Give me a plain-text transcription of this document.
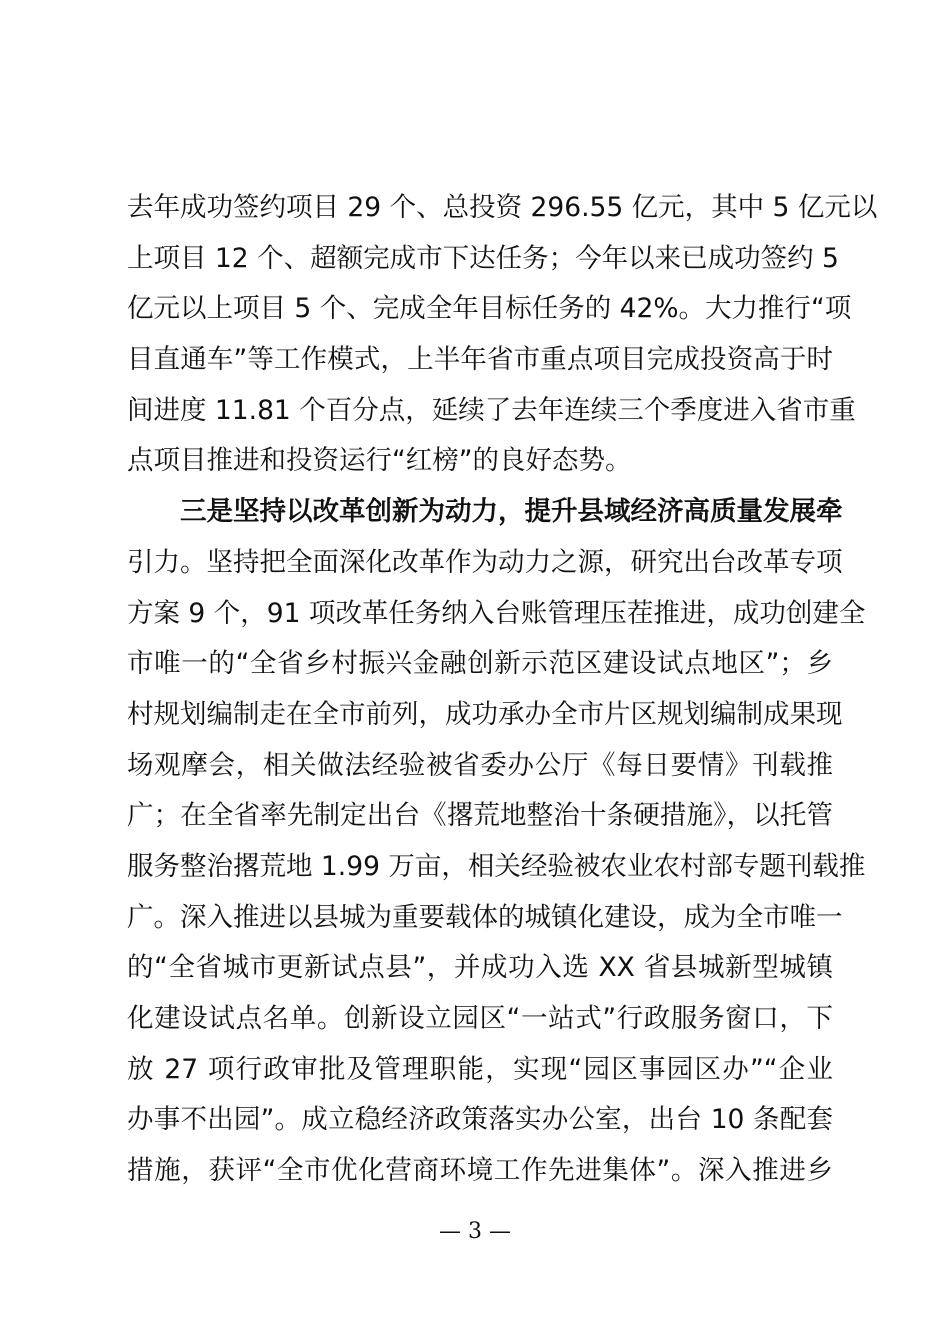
去年成功签约项目 29 个、总投资 296.55 亿元，其中 5 亿元以
上项目 12 个、超额完成市下达任务；今年以来已成功签约 5
亿元以上项目 5 个、完成全年目标任务的 42%。大力推行“项
目直通车”等工作模式，上半年省市重点项目完成投资高于时
间进度 11.81 个百分点，延续了去年连续三个季度进入省市重
点项目推进和投资运行“红榜”的良好态势。
三是坚持以改革创新为动力，提升县域经济高质量发展牵
引力。坚持把全面深化改革作为动力之源，研究出台改革专项
方案 9 个，91 项改革任务纳入台账管理压茬推进，成功创建全
市唯一的“全省乡村振兴金融创新示范区建设试点地区”；乡
村规划编制走在全市前列，成功承办全市片区规划编制成果现
场观摩会，相关做法经验被省委办公厅《每日要情》刊载推
广；在全省率先制定出台《撂荒地整治十条硬措施》，以托管
服务整治撂荒地 1.99 万亩，相关经验被农业农村部专题刊载推
广。深入推进以县城为重要载体的城镇化建设，成为全市唯一
的“全省城市更新试点县”，并成功入选 XX 省县城新型城镇
化建设试点名单。创新设立园区“一站式”行政服务窗口，下
放 27 项行政审批及管理职能，实现“园区事园区办”“企业
办事不出园”。成立稳经济政策落实办公室，出台 10 条配套
措施，获评“全市优化营商环境工作先进集体”。深入推进乡
— 3 —
